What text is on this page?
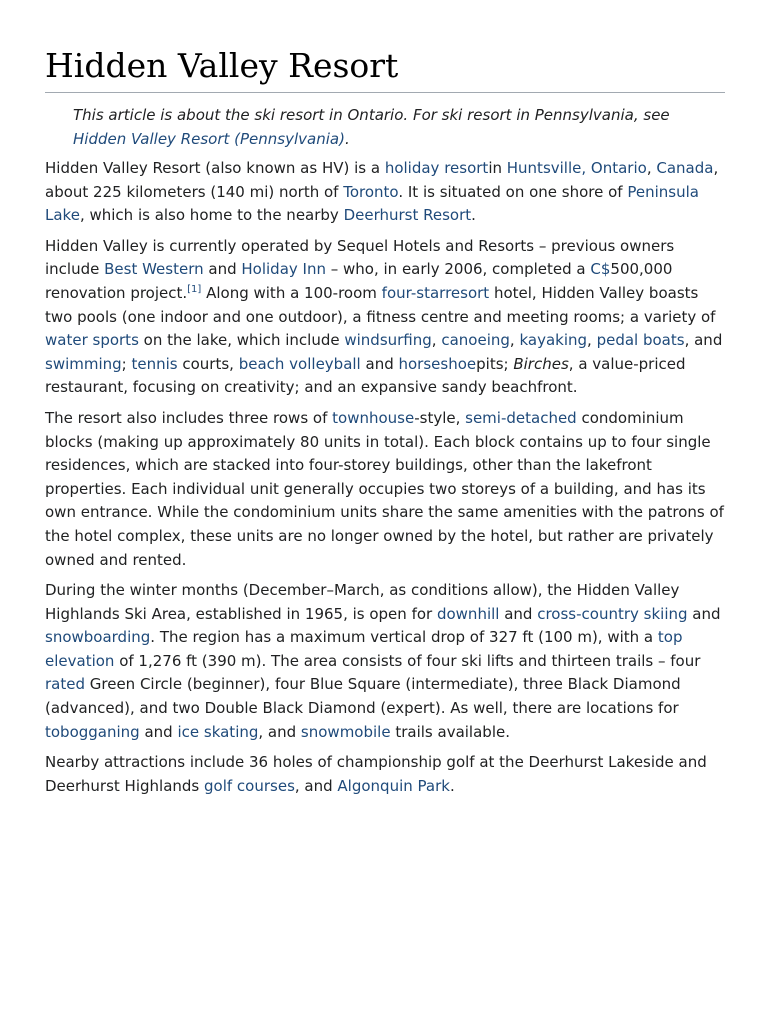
Hidden Valley Resort
This article is about the ski resort in Ontario. For ski resort in Pennsylvania, see Hidden Valley Resort (Pennsylvania).

Hidden Valley Resort (also known as HV) is a holiday resortin Huntsville, Ontario, Canada, about 225 kilometers (140 mi) north of Toronto. It is situated on one shore of Peninsula Lake, which is also home to the nearby Deerhurst Resort.

Hidden Valley is currently operated by Sequel Hotels and Resorts – previous owners include Best Western and Holiday Inn – who, in early 2006, completed a C$500,000 renovation project.[1] Along with a 100-room four-starresort hotel, Hidden Valley boasts two pools (one indoor and one outdoor), a fitness centre and meeting rooms; a variety of water sports on the lake, which include windsurfing, canoeing, kayaking, pedal boats, and swimming; tennis courts, beach volleyball and horseshoepits; Birches, a value-priced restaurant, focusing on creativity; and an expansive sandy beachfront.

The resort also includes three rows of townhouse-style, semi-detached condominium blocks (making up approximately 80 units in total). Each block contains up to four single residences, which are stacked into four-storey buildings, other than the lakefront properties. Each individual unit generally occupies two storeys of a building, and has its own entrance. While the condominium units share the same amenities with the patrons of the hotel complex, these units are no longer owned by the hotel, but rather are privately owned and rented.

During the winter months (December–March, as conditions allow), the Hidden Valley Highlands Ski Area, established in 1965, is open for downhill and cross-country skiing and snowboarding. The region has a maximum vertical drop of 327 ft (100 m), with a top elevation of 1,276 ft (390 m). The area consists of four ski lifts and thirteen trails – four rated Green Circle (beginner), four Blue Square (intermediate), three Black Diamond (advanced), and two Double Black Diamond (expert). As well, there are locations for tobogganing and ice skating, and snowmobile trails available.

Nearby attractions include 36 holes of championship golf at the Deerhurst Lakeside and Deerhurst Highlands golf courses, and Algonquin Park.
